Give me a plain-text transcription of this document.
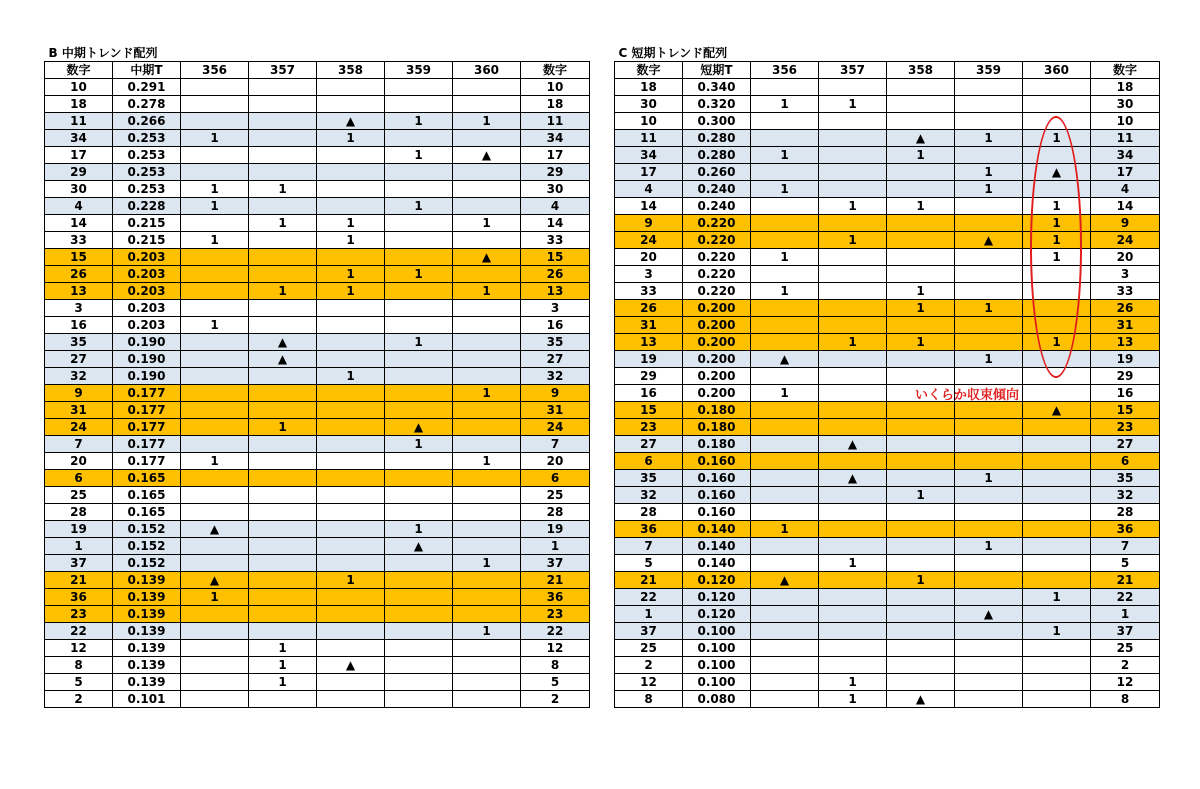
B 中期トレンド配列							
数字	中期T	356	357	358	359	360	数字
10	0.291						10
18	0.278						18
11	0.266			▲	1	1	11
34	0.253	1		1			34
17	0.253				1	▲	17
29	0.253						29
30	0.253	1	1				30
4	0.228	1			1		4
14	0.215		1	1		1	14
33	0.215	1		1			33
15	0.203					▲	15
26	0.203			1	1		26
13	0.203		1	1		1	13
3	0.203						3
16	0.203	1					16
35	0.190		▲		1		35
27	0.190		▲				27
32	0.190			1			32
9	0.177					1	9
31	0.177						31
24	0.177		1		▲		24
7	0.177				1		7
20	0.177	1				1	20
6	0.165						6
25	0.165						25
28	0.165						28
19	0.152	▲			1		19
1	0.152				▲		1
37	0.152					1	37
21	0.139	▲		1			21
36	0.139	1					36
23	0.139						23
22	0.139					1	22
12	0.139		1				12
8	0.139		1	▲			8
5	0.139		1				5
2	0.101						2
C 短期トレンド配列							
数字	短期T	356	357	358	359	360	数字
18	0.340						18
30	0.320	1	1				30
10	0.300						10
11	0.280			▲	1	1	11
34	0.280	1		1			34
17	0.260				1	▲	17
4	0.240	1			1		4
14	0.240		1	1		1	14
9	0.220					1	9
24	0.220		1		▲	1	24
20	0.220	1				1	20
3	0.220						3
33	0.220	1		1			33
26	0.200			1	1		26
31	0.200						31
13	0.200		1	1		1	13
19	0.200	▲			1		19
29	0.200						29
16	0.200	1					16
15	0.180					▲	15
23	0.180						23
27	0.180		▲				27
6	0.160						6
35	0.160		▲		1		35
32	0.160			1			32
28	0.160						28
36	0.140	1					36
7	0.140				1		7
5	0.140		1				5
21	0.120	▲		1			21
22	0.120					1	22
1	0.120				▲		1
37	0.100					1	37
25	0.100						25
2	0.100						2
12	0.100		1				12
8	0.080		1	▲			8
いくらか収束傾向
